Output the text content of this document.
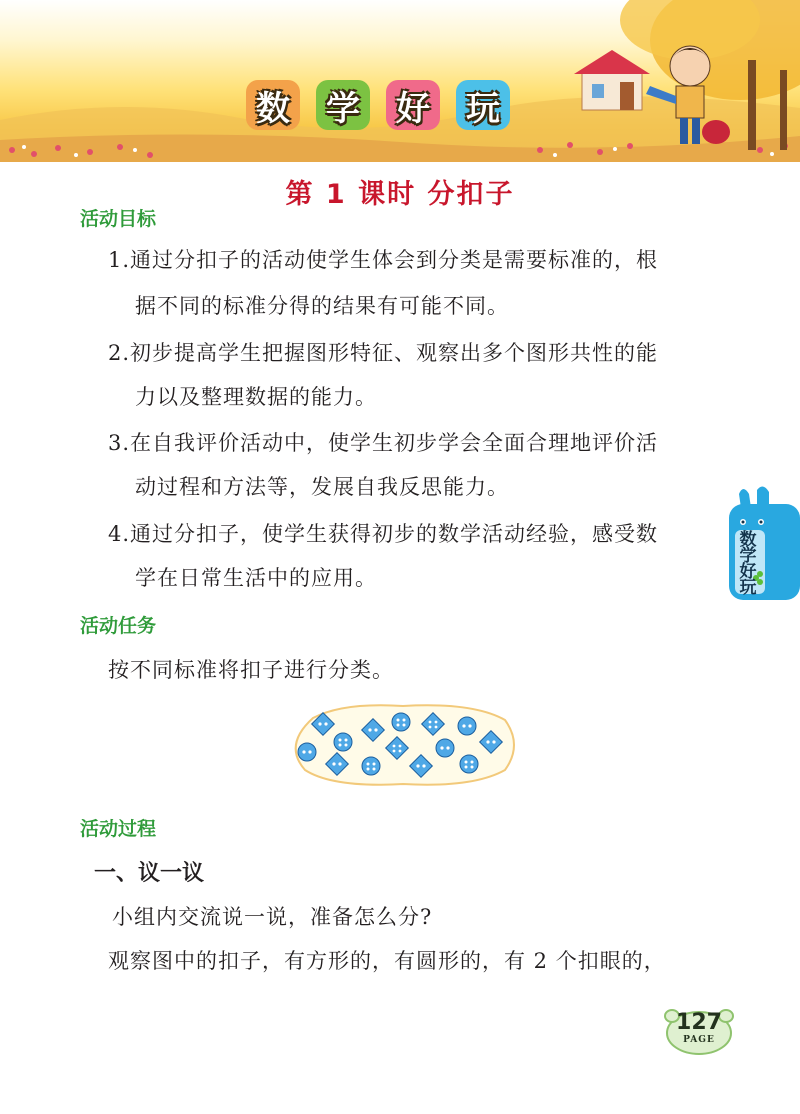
数 学 好 玩
第 1 课时 分扣子
活动目标
1.通过分扣子的活动使学生体会到分类是需要标准的，根
据不同的标准分得的结果有可能不同。
2.初步提高学生把握图形特征、观察出多个图形共性的能
力以及整理数据的能力。
3.在自我评价活动中，使学生初步学会全面合理地评价活
动过程和方法等，发展自我反思能力。
4.通过分扣子，使学生获得初步的数学活动经验，感受数
学在日常生活中的应用。
活动任务
按不同标准将扣子进行分类。
活动过程
一、议一议
小组内交流说一说，准备怎么分?
观察图中的扣子，有方形的，有圆形的，有 2 个扣眼的，
数学好玩
127
PAGE
